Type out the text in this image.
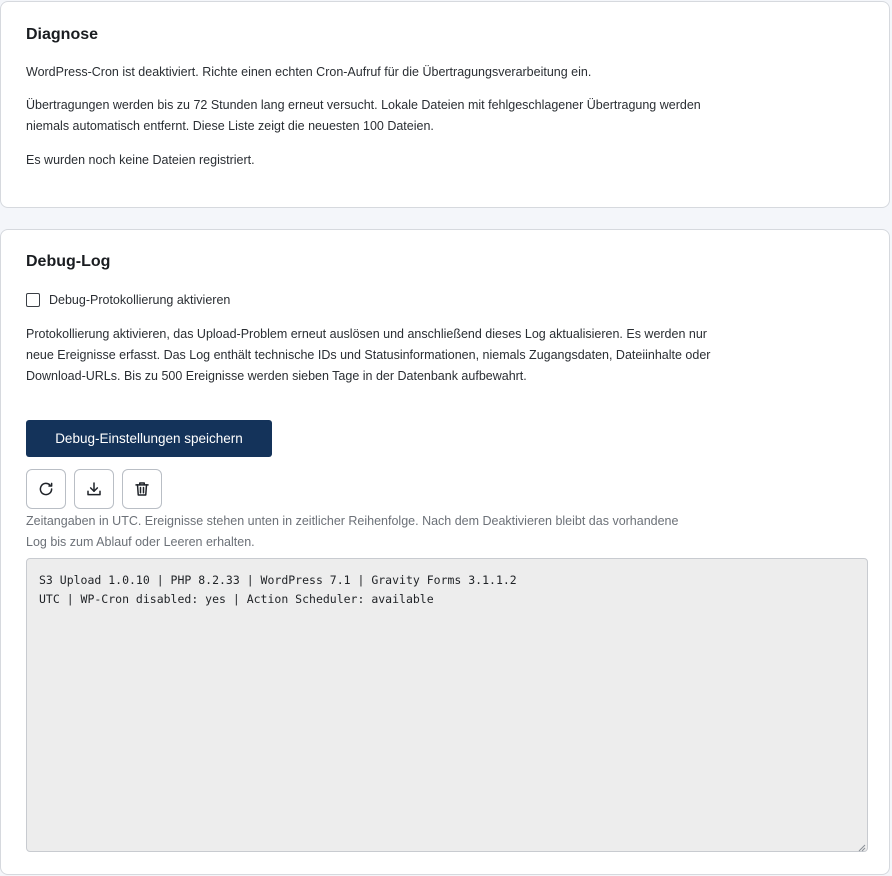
Diagnose

WordPress-Cron ist deaktiviert. Richte einen echten Cron-Aufruf für die Übertragungsverarbeitung ein.

Übertragungen werden bis zu 72 Stunden lang erneut versucht. Lokale Dateien mit fehlgeschlagener Übertragung werden niemals automatisch entfernt. Diese Liste zeigt die neuesten 100 Dateien.

Es wurden noch keine Dateien registriert.

Debug-Log
Debug-Protokollierung aktivieren

Protokollierung aktivieren, das Upload-Problem erneut auslösen und anschließend dieses Log aktualisieren. Es werden nur neue Ereignisse erfasst. Das Log enthält technische IDs und Statusinformationen, niemals Zugangsdaten, Dateiinhalte oder Download-URLs. Bis zu 500 Ereignisse werden sieben Tage in der Datenbank aufbewahrt.

Debug-Einstellungen speichern

Zeitangaben in UTC. Ereignisse stehen unten in zeitlicher Reihenfolge. Nach dem Deaktivieren bleibt das vorhandene Log bis zum Ablauf oder Leeren erhalten.

S3 Upload 1.0.10 | PHP 8.2.33 | WordPress 7.1 | Gravity Forms 3.1.1.2
UTC | WP-Cron disabled: yes | Action Scheduler: available
